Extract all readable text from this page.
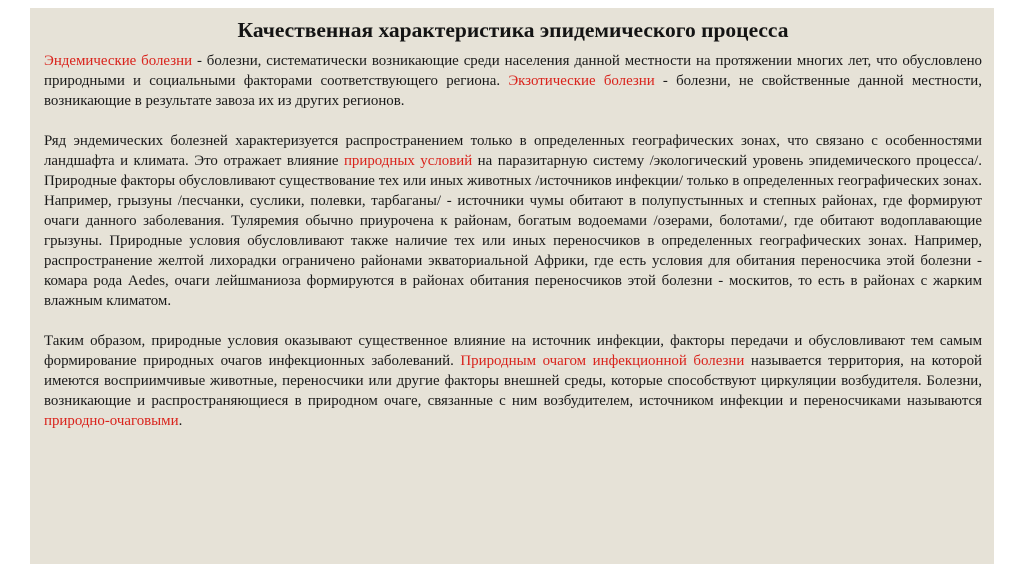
Качественная характеристика эпидемического процесса

Эндемические болезни - болезни, систематически возникающие среди населения данной местности на протяжении многих лет, что обусловлено природными и социальными факторами соответствующего региона. Экзотические болезни - болезни, не свойственные данной местности, возникающие в результате завоза их из других регионов.

Ряд эндемических болезней характеризуется распространением только в определенных географических зонах, что связано с особенностями ландшафта и климата. Это отражает влияние природных условий на паразитарную систему /экологический уровень эпидемического процесса/. Природные факторы обусловливают существование тех или иных животных /источников инфекции/ только в определенных географических зонах. Например, грызуны /песчанки, суслики, полевки, тарбаганы/ - источники чумы обитают в полупустынных и степных районах, где формируют очаги данного заболевания. Туляремия обычно приурочена к районам, богатым водоемами /озерами, болотами/, где обитают водоплавающие грызуны. Природные условия обусловливают также наличие тех или иных переносчиков в определенных географических зонах. Например, распространение желтой лихорадки ограничено районами экваториальной Африки, где есть условия для обитания переносчика этой болезни - комара рода Aedes, очаги лейшманиоза формируются в районах обитания переносчиков этой болезни - москитов, то есть в районах с жарким влажным климатом.

Таким образом, природные условия оказывают существенное влияние на источник инфекции, факторы передачи и обусловливают тем самым формирование природных очагов инфекционных заболеваний. Природным очагом инфекционной болезни называется территория, на которой имеются восприимчивые животные, переносчики или другие факторы внешней среды, которые способствуют циркуляции возбудителя. Болезни, возникающие и распространяющиеся в природном очаге, связанные с ним возбудителем, источником инфекции и переносчиками называются природно-очаговыми.
